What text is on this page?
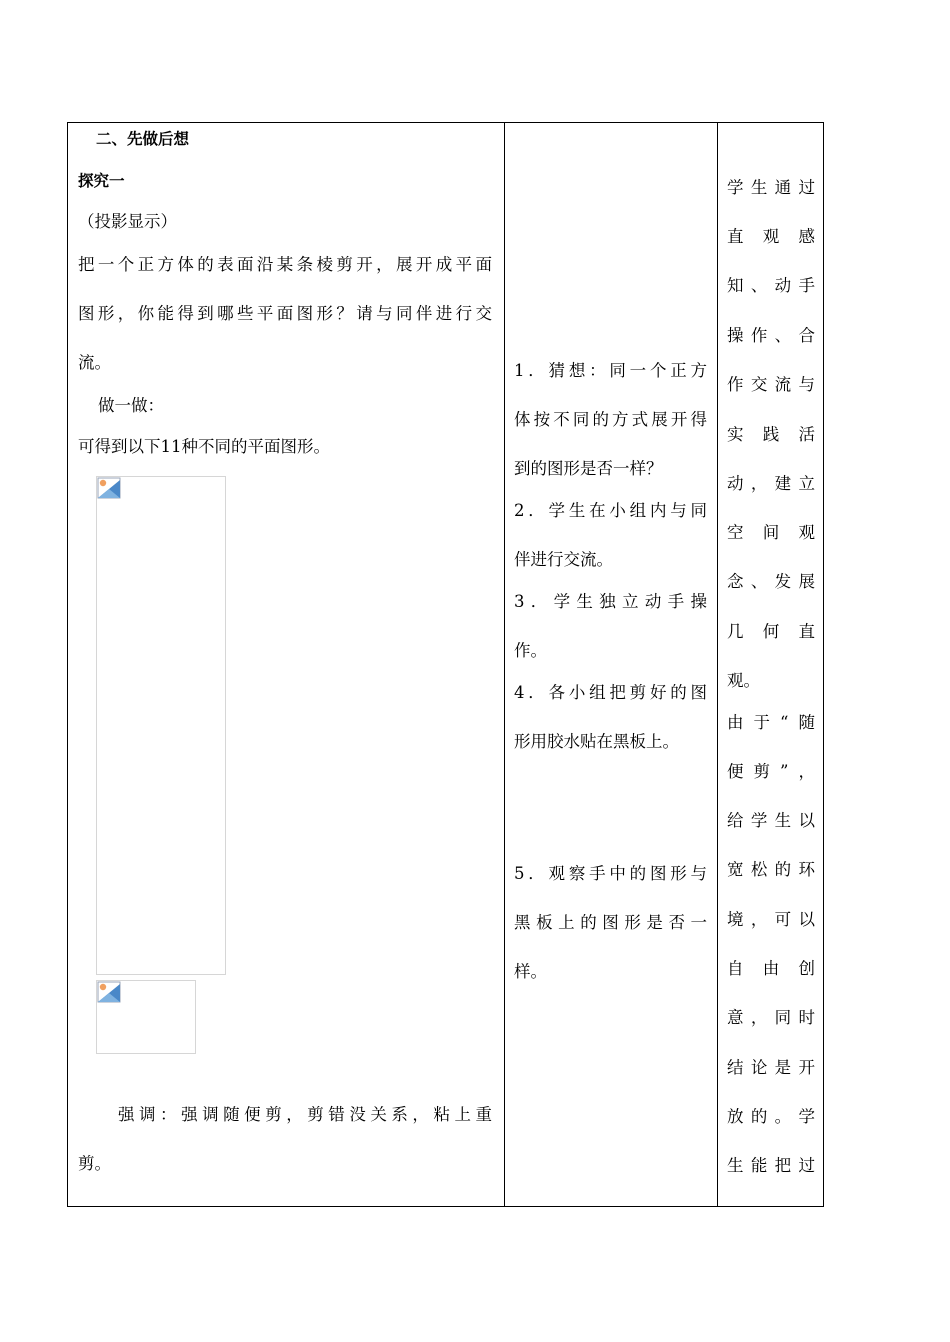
二、先做后想
探究一
（投影显示）
把一个正方体的表面沿某条棱剪开，展开成平面
图形，你能得到哪些平面图形？请与同伴进行交
流。
做一做：
可得到以下11种不同的平面图形。
强调：强调随便剪，剪错没关系，粘上重
剪。
1．猜想：同一个正方
体按不同的方式展开得
到的图形是否一样？
2．学生在小组内与同
伴进行交流。
3．学生独立动手操
作。
4．各小组把剪好的图
形用胶水贴在黑板上。
5．观察手中的图形与
黑板上的图形是否一
样。
学生通过
直观感
知、动手
操作、合
作交流与
实践活
动，建立
空间观
念、发展
几何直
观。
由于“随
便剪”，
给学生以
宽松的环
境，可以
自由创
意，同时
结论是开
放的。学
生能把过
